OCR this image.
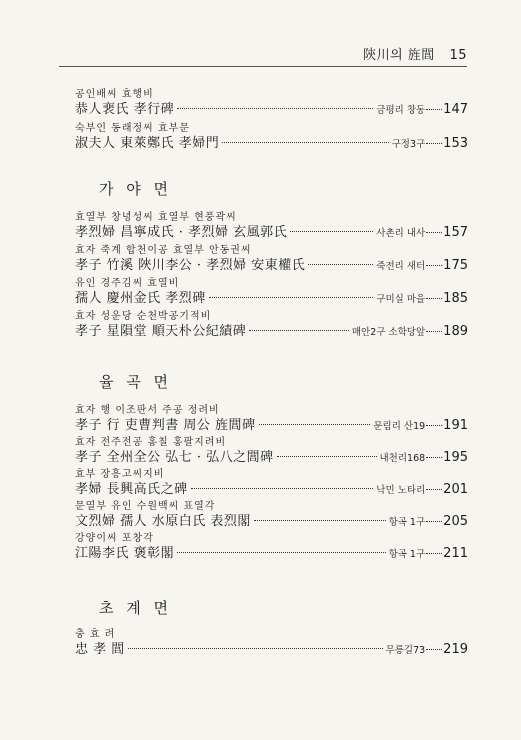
陝川의 旌閭 15
공인배씨 효행비
恭人裵氏 孝行碑	금평리 창동 147
숙부인 동래정씨 효부문
淑夫人 東萊鄭氏 孝婦門	구정3구 153
가 야 면
효열부 창녕성씨 효열부 현풍곽씨
孝烈婦 昌寧成氏 · 孝烈婦 玄風郭氏	사촌리 내사 157
효자 죽계 합천이공 효열부 안동권씨
孝子 竹溪 陜川李公 · 孝烈婦 安東權氏	죽전리 새터 175
유인 경주김씨 효열비
孺人 慶州金氏 孝烈碑	구미실 마을 185
효자 성운당 순천박공기적비
孝子 星隕堂 順天朴公紀績碑	매안2구 소학당앞 189
율 곡 면
효자 행 이조판서 주공 정려비
孝子 行 吏曹判書 周公 旌閭碑	문림리 산19 191
효자 전주전공 홍칠 홍팔지려비
孝子 全州全公 弘七 · 弘八之閭碑	내천리168 195
효부 장흥고씨지비
孝婦 長興高氏之碑	낙민 노타리 201
문열부 유인 수원백씨 표열각
文烈婦 孺人 水原白氏 表烈閣	항곡 1구 205
강양이씨 포창각
江陽李氏 褒彰閣	항곡 1구 211
초 계 면
충 효 려
忠 孝 閭	무릉길73 219
